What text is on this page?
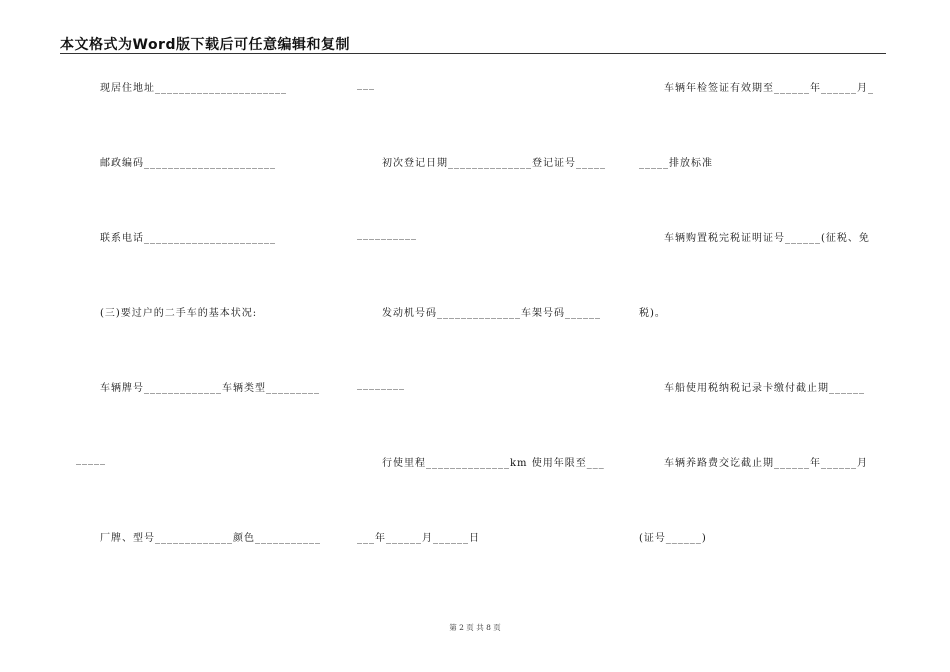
本文格式为Word版下载后可任意编辑和复制
现居住地址______________________
邮政编码______________________
联系电话______________________
(三)要过户的二手车的基本状况:
车辆牌号_____________车辆类型_________
_____
厂牌、型号_____________颜色___________
___
初次登记日期______________登记证号_____
__________
发动机号码______________车架号码______
________
行使里程______________km 使用年限至___
___年______月______日
车辆年检签证有效期至______年______月_
_____排放标准
车辆购置税完税证明证号______(征税、免
税)。
车船使用税纳税记录卡缴付截止期______
车辆养路费交讫截止期______年______月
(证号______)
第 2 页 共 8 页
